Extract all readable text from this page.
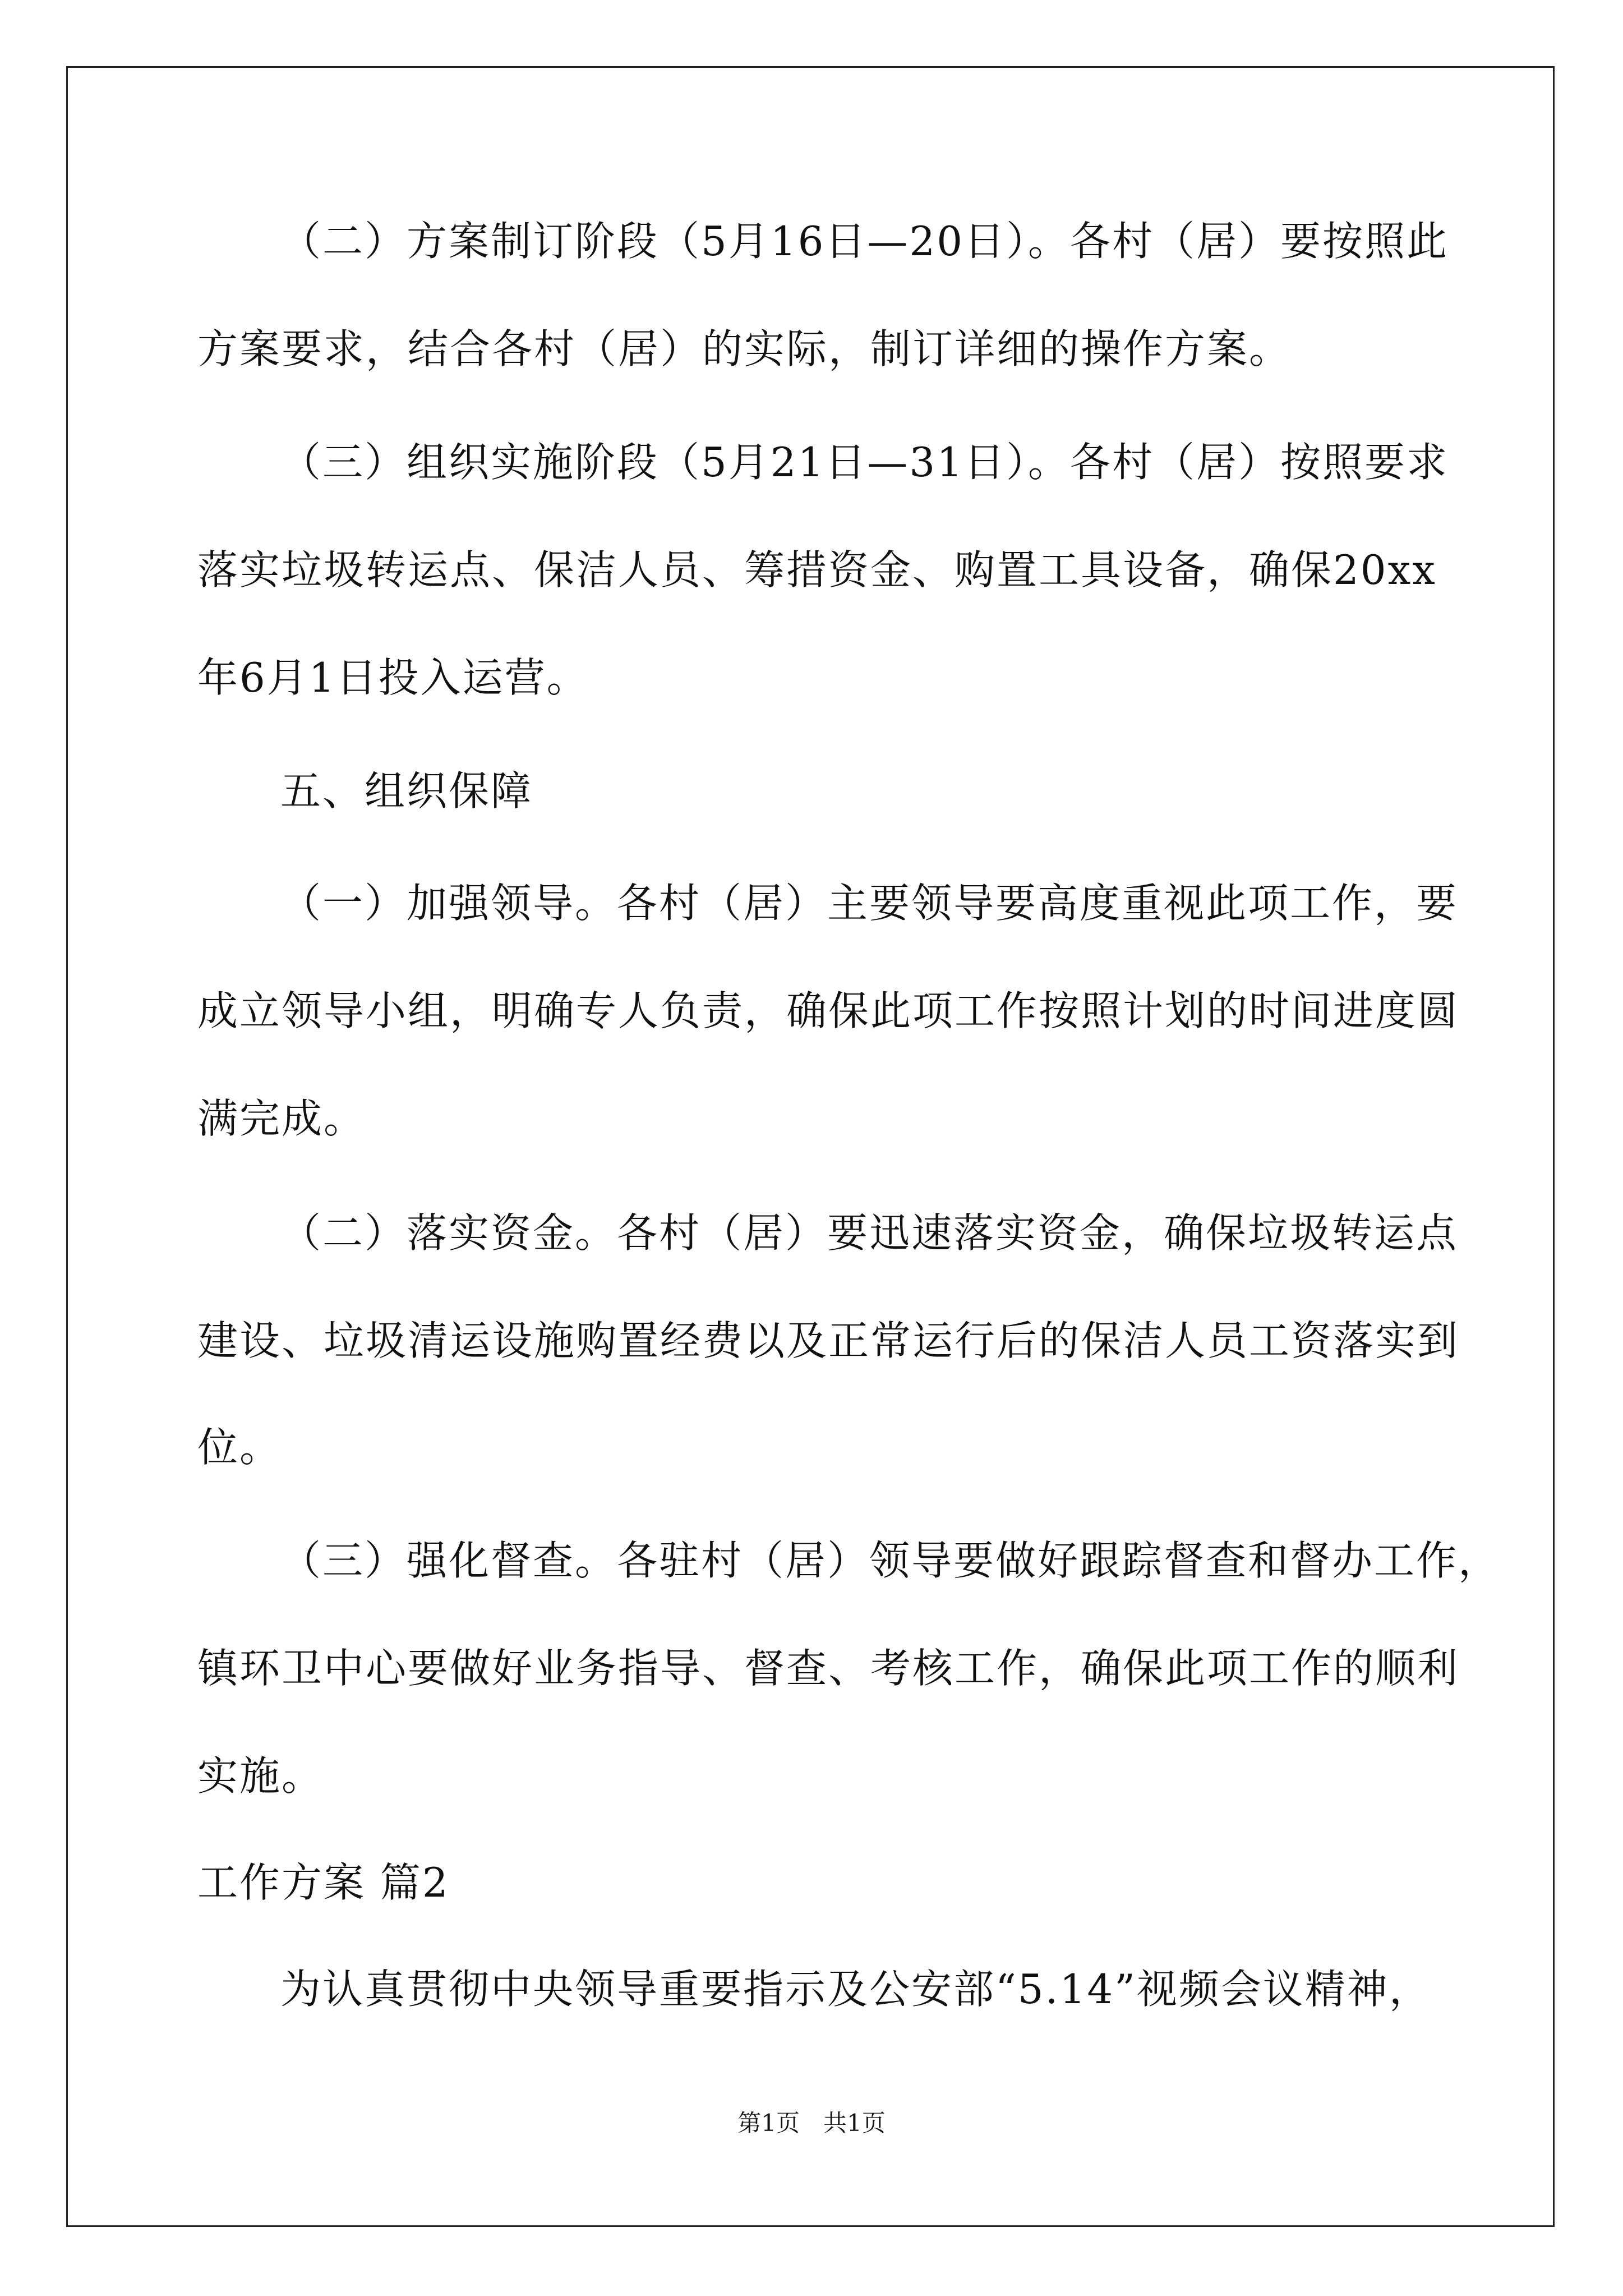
（二）方案制订阶段（5月16日—20日）。各村（居）要按照此
方案要求，结合各村（居）的实际，制订详细的操作方案。
（三）组织实施阶段（5月21日—31日）。各村（居）按照要求
落实垃圾转运点、保洁人员、筹措资金、购置工具设备，确保20xx
年6月1日投入运营。
五、组织保障
（一）加强领导。各村（居）主要领导要高度重视此项工作，要
成立领导小组，明确专人负责，确保此项工作按照计划的时间进度圆
满完成。
（二）落实资金。各村（居）要迅速落实资金，确保垃圾转运点
建设、垃圾清运设施购置经费以及正常运行后的保洁人员工资落实到
位。
（三）强化督查。各驻村（居）领导要做好跟踪督查和督办工作，
镇环卫中心要做好业务指导、督查、考核工作，确保此项工作的顺利
实施。
工作方案 篇2
为认真贯彻中央领导重要指示及公安部“5.14”视频会议精神，
第1页　共1页
